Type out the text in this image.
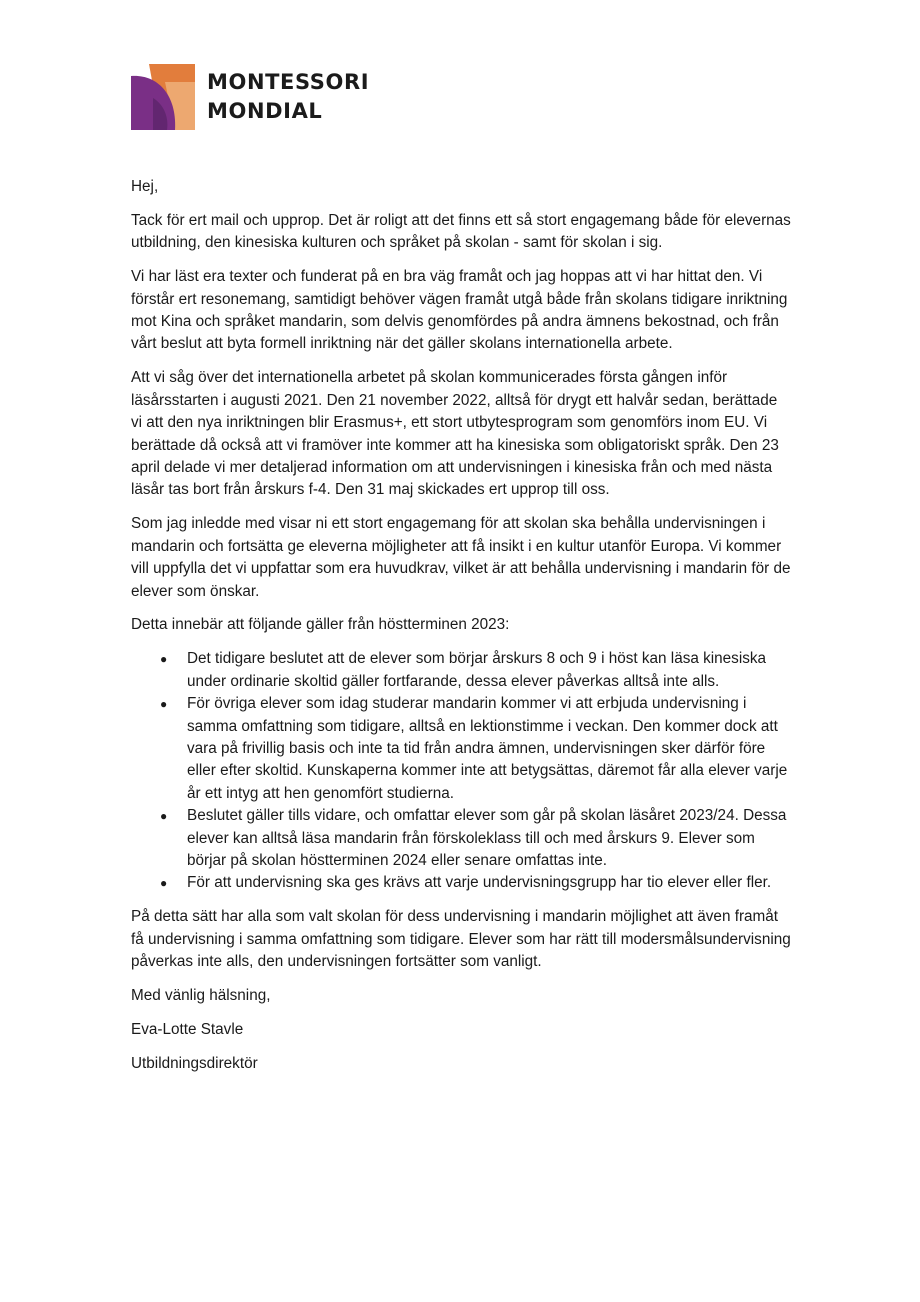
MONTESSORI
MONDIAL

Hej,

Tack för ert mail och upprop. Det är roligt att det finns ett så stort engagemang både för elevernas utbildning, den kinesiska kulturen och språket på skolan - samt för skolan i sig.

Vi har läst era texter och funderat på en bra väg framåt och jag hoppas att vi har hittat den. Vi förstår ert resonemang, samtidigt behöver vägen framåt utgå både från skolans tidigare inriktning mot Kina och språket mandarin, som delvis genomfördes på andra ämnens bekostnad, och från vårt beslut att byta formell inriktning när det gäller skolans internationella arbete.

Att vi såg över det internationella arbetet på skolan kommunicerades första gången inför läsårsstarten i augusti 2021. Den 21 november 2022, alltså för drygt ett halvår sedan, berättade vi att den nya inriktningen blir Erasmus+, ett stort utbytesprogram som genomförs inom EU. Vi berättade då också att vi framöver inte kommer att ha kinesiska som obligatoriskt språk. Den 23 april delade vi mer detaljerad information om att undervisningen i kinesiska från och med nästa läsår tas bort från årskurs f-4. Den 31 maj skickades ert upprop till oss.

Som jag inledde med visar ni ett stort engagemang för att skolan ska behålla undervisningen i mandarin och fortsätta ge eleverna möjligheter att få insikt i en kultur utanför Europa. Vi kommer vill uppfylla det vi uppfattar som era huvudkrav, vilket är att behålla undervisning i mandarin för de elever som önskar.

Detta innebär att följande gäller från höstterminen 2023:

● Det tidigare beslutet att de elever som börjar årskurs 8 och 9 i höst kan läsa kinesiska under ordinarie skoltid gäller fortfarande, dessa elever påverkas alltså inte alls.
● För övriga elever som idag studerar mandarin kommer vi att erbjuda undervisning i samma omfattning som tidigare, alltså en lektionstimme i veckan. Den kommer dock att vara på frivillig basis och inte ta tid från andra ämnen, undervisningen sker därför före eller efter skoltid. Kunskaperna kommer inte att betygsättas, däremot får alla elever varje år ett intyg att hen genomfört studierna.
● Beslutet gäller tills vidare, och omfattar elever som går på skolan läsåret 2023/24. Dessa elever kan alltså läsa mandarin från förskoleklass till och med årskurs 9. Elever som börjar på skolan höstterminen 2024 eller senare omfattas inte.
● För att undervisning ska ges krävs att varje undervisningsgrupp har tio elever eller fler.

På detta sätt har alla som valt skolan för dess undervisning i mandarin möjlighet att även framåt få undervisning i samma omfattning som tidigare. Elever som har rätt till modersmålsundervisning påverkas inte alls, den undervisningen fortsätter som vanligt.

Med vänlig hälsning,

Eva-Lotte Stavle

Utbildningsdirektör
